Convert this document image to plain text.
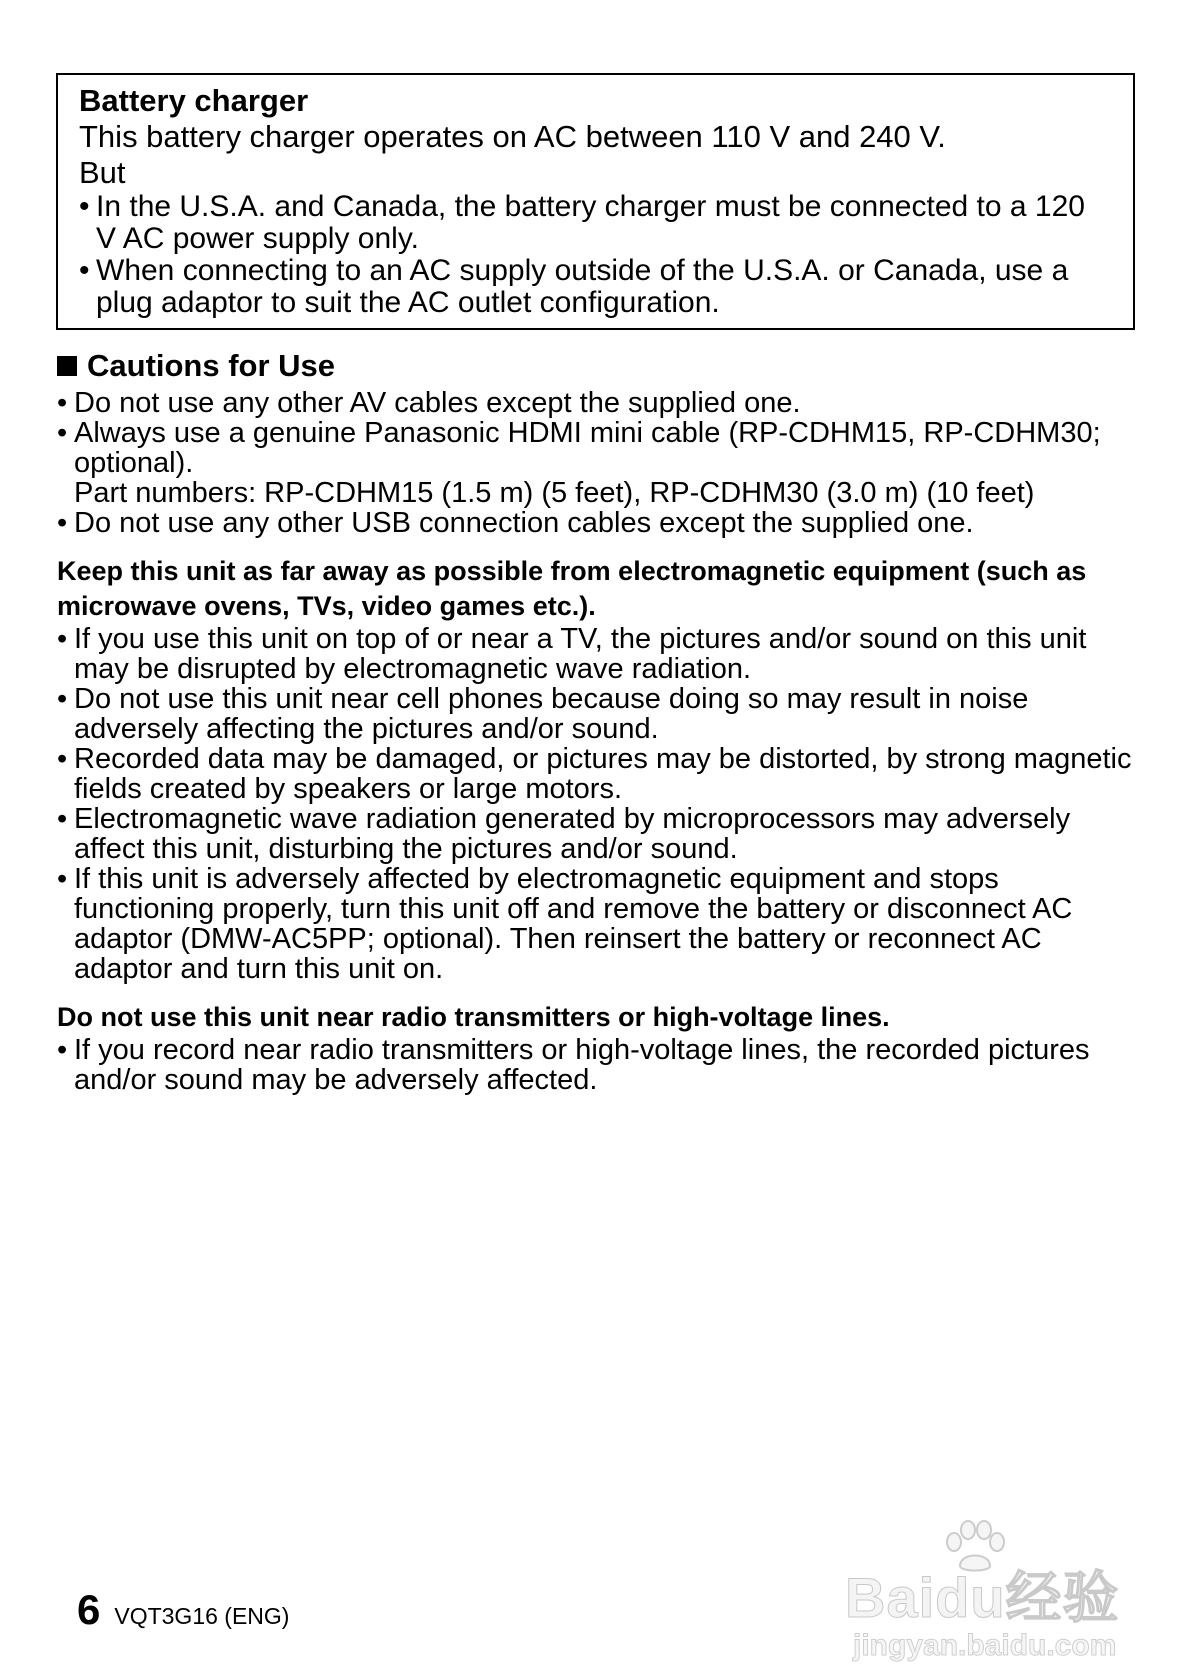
Battery charger

This battery charger operates on AC between 110 V and 240 V.

But

• In the U.S.A. and Canada, the battery charger must be connected to a 120 V AC power supply only.
• When connecting to an AC supply outside of the U.S.A. or Canada, use a plug adaptor to suit the AC outlet configuration.
Cautions for Use
• Do not use any other AV cables except the supplied one.
• Always use a genuine Panasonic HDMI mini cable (RP-CDHM15, RP-CDHM30; optional).
Part numbers: RP-CDHM15 (1.5 m) (5 feet), RP-CDHM30 (3.0 m) (10 feet)
• Do not use any other USB connection cables except the supplied one.

Keep this unit as far away as possible from electromagnetic equipment (such as microwave ovens, TVs, video games etc.).

• If you use this unit on top of or near a TV, the pictures and/or sound on this unit may be disrupted by electromagnetic wave radiation.
• Do not use this unit near cell phones because doing so may result in noise adversely affecting the pictures and/or sound.
• Recorded data may be damaged, or pictures may be distorted, by strong magnetic fields created by speakers or large motors.
• Electromagnetic wave radiation generated by microprocessors may adversely affect this unit, disturbing the pictures and/or sound.
• If this unit is adversely affected by electromagnetic equipment and stops functioning properly, turn this unit off and remove the battery or disconnect AC adaptor (DMW-AC5PP; optional). Then reinsert the battery or reconnect AC adaptor and turn this unit on.

Do not use this unit near radio transmitters or high-voltage lines.

• If you record near radio transmitters or high-voltage lines, the recorded pictures and/or sound may be adversely affected.
6 VQT3G16 (ENG)	Baidu经验
jingyan.baidu.com
